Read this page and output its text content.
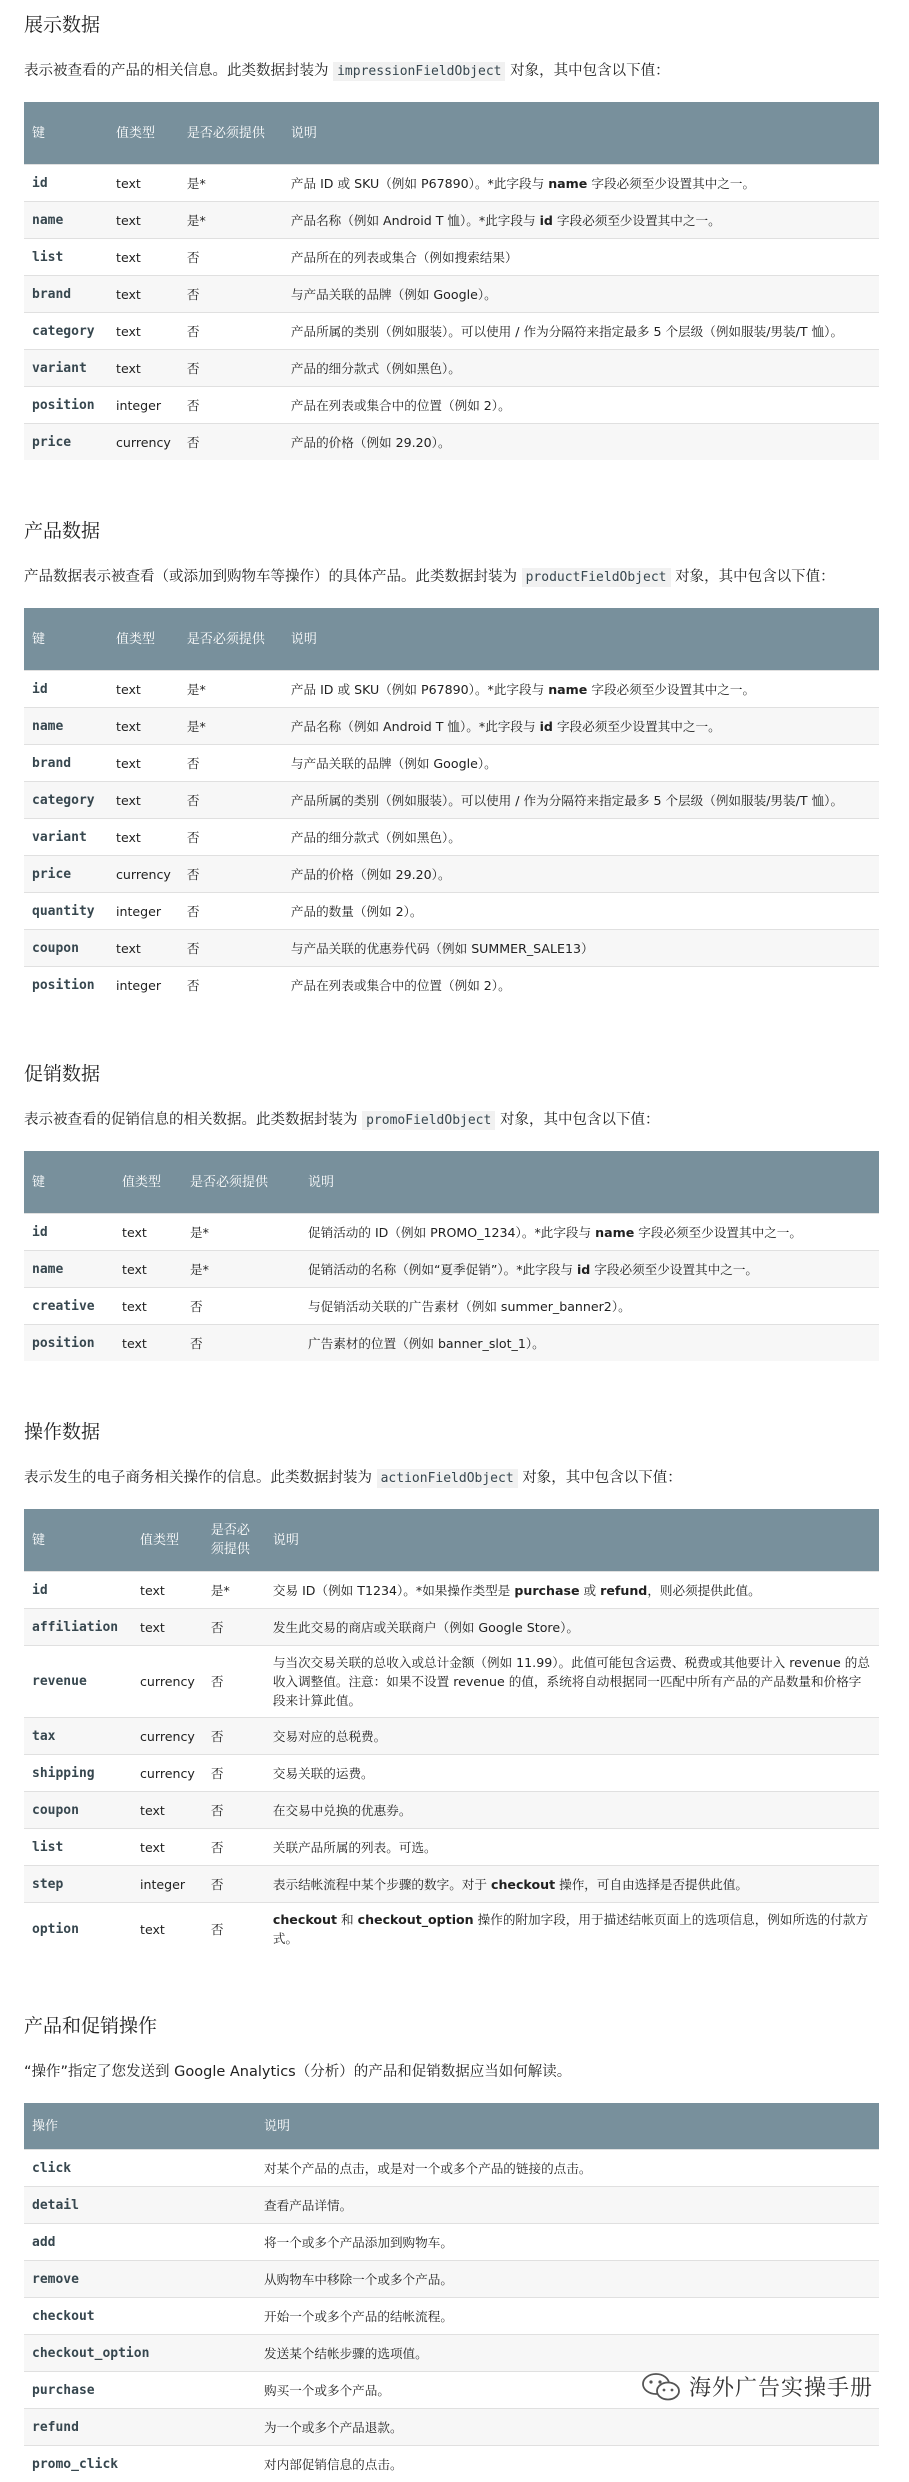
展示数据

表示被查看的产品的相关信息。此类数据封装为 impressionFieldObject 对象，其中包含以下值：

键	值类型	是否必须提供	说明
id	text	是*	产品 ID 或 SKU（例如 P67890）。*此字段与 name 字段必须至少设置其中之一。
name	text	是*	产品名称（例如 Android T 恤）。*此字段与 id 字段必须至少设置其中之一。
list	text	否	产品所在的列表或集合（例如搜索结果）
brand	text	否	与产品关联的品牌（例如 Google）。
category	text	否	产品所属的类别（例如服装）。可以使用 / 作为分隔符来指定最多 5 个层级（例如服装/男装/T 恤）。
variant	text	否	产品的细分款式（例如黑色）。
position	integer	否	产品在列表或集合中的位置（例如 2）。
price	currency	否	产品的价格（例如 29.20）。
产品数据

产品数据表示被查看（或添加到购物车等操作）的具体产品。此类数据封装为 productFieldObject 对象，其中包含以下值：

键	值类型	是否必须提供	说明
id	text	是*	产品 ID 或 SKU（例如 P67890）。*此字段与 name 字段必须至少设置其中之一。
name	text	是*	产品名称（例如 Android T 恤）。*此字段与 id 字段必须至少设置其中之一。
brand	text	否	与产品关联的品牌（例如 Google）。
category	text	否	产品所属的类别（例如服装）。可以使用 / 作为分隔符来指定最多 5 个层级（例如服装/男装/T 恤）。
variant	text	否	产品的细分款式（例如黑色）。
price	currency	否	产品的价格（例如 29.20）。
quantity	integer	否	产品的数量（例如 2）。
coupon	text	否	与产品关联的优惠券代码（例如 SUMMER_SALE13）
position	integer	否	产品在列表或集合中的位置（例如 2）。
促销数据

表示被查看的促销信息的相关数据。此类数据封装为 promoFieldObject 对象，其中包含以下值：

键	值类型	是否必须提供	说明
id	text	是*	促销活动的 ID（例如 PROMO_1234）。*此字段与 name 字段必须至少设置其中之一。
name	text	是*	促销活动的名称（例如“夏季促销”）。*此字段与 id 字段必须至少设置其中之一。
creative	text	否	与促销活动关联的广告素材（例如 summer_banner2）。
position	text	否	广告素材的位置（例如 banner_slot_1）。
操作数据

表示发生的电子商务相关操作的信息。此类数据封装为 actionFieldObject 对象，其中包含以下值：

键	值类型	是否必须提供	说明
id	text	是*	交易 ID（例如 T1234）。*如果操作类型是 purchase 或 refund，则必须提供此值。
affiliation	text	否	发生此交易的商店或关联商户（例如 Google Store）。
revenue	currency	否	与当次交易关联的总收入或总计金额（例如 11.99）。此值可能包含运费、税费或其他要计入 revenue 的总收入调整值。注意：如果不设置 revenue 的值，系统将自动根据同一匹配中所有产品的产品数量和价格字段来计算此值。
tax	currency	否	交易对应的总税费。
shipping	currency	否	交易关联的运费。
coupon	text	否	在交易中兑换的优惠券。
list	text	否	关联产品所属的列表。可选。
step	integer	否	表示结帐流程中某个步骤的数字。对于 checkout 操作，可自由选择是否提供此值。
option	text	否	checkout 和 checkout_option 操作的附加字段，用于描述结帐页面上的选项信息，例如所选的付款方式。
产品和促销操作

“操作”指定了您发送到 Google Analytics（分析）的产品和促销数据应当如何解读。

操作	说明
click	对某个产品的点击，或是对一个或多个产品的链接的点击。
detail	查看产品详情。
add	将一个或多个产品添加到购物车。
remove	从购物车中移除一个或多个产品。
checkout	开始一个或多个产品的结帐流程。
checkout_option	发送某个结帐步骤的选项值。
purchase	购买一个或多个产品。
refund	为一个或多个产品退款。
promo_click	对内部促销信息的点击。
海外广告实操手册
